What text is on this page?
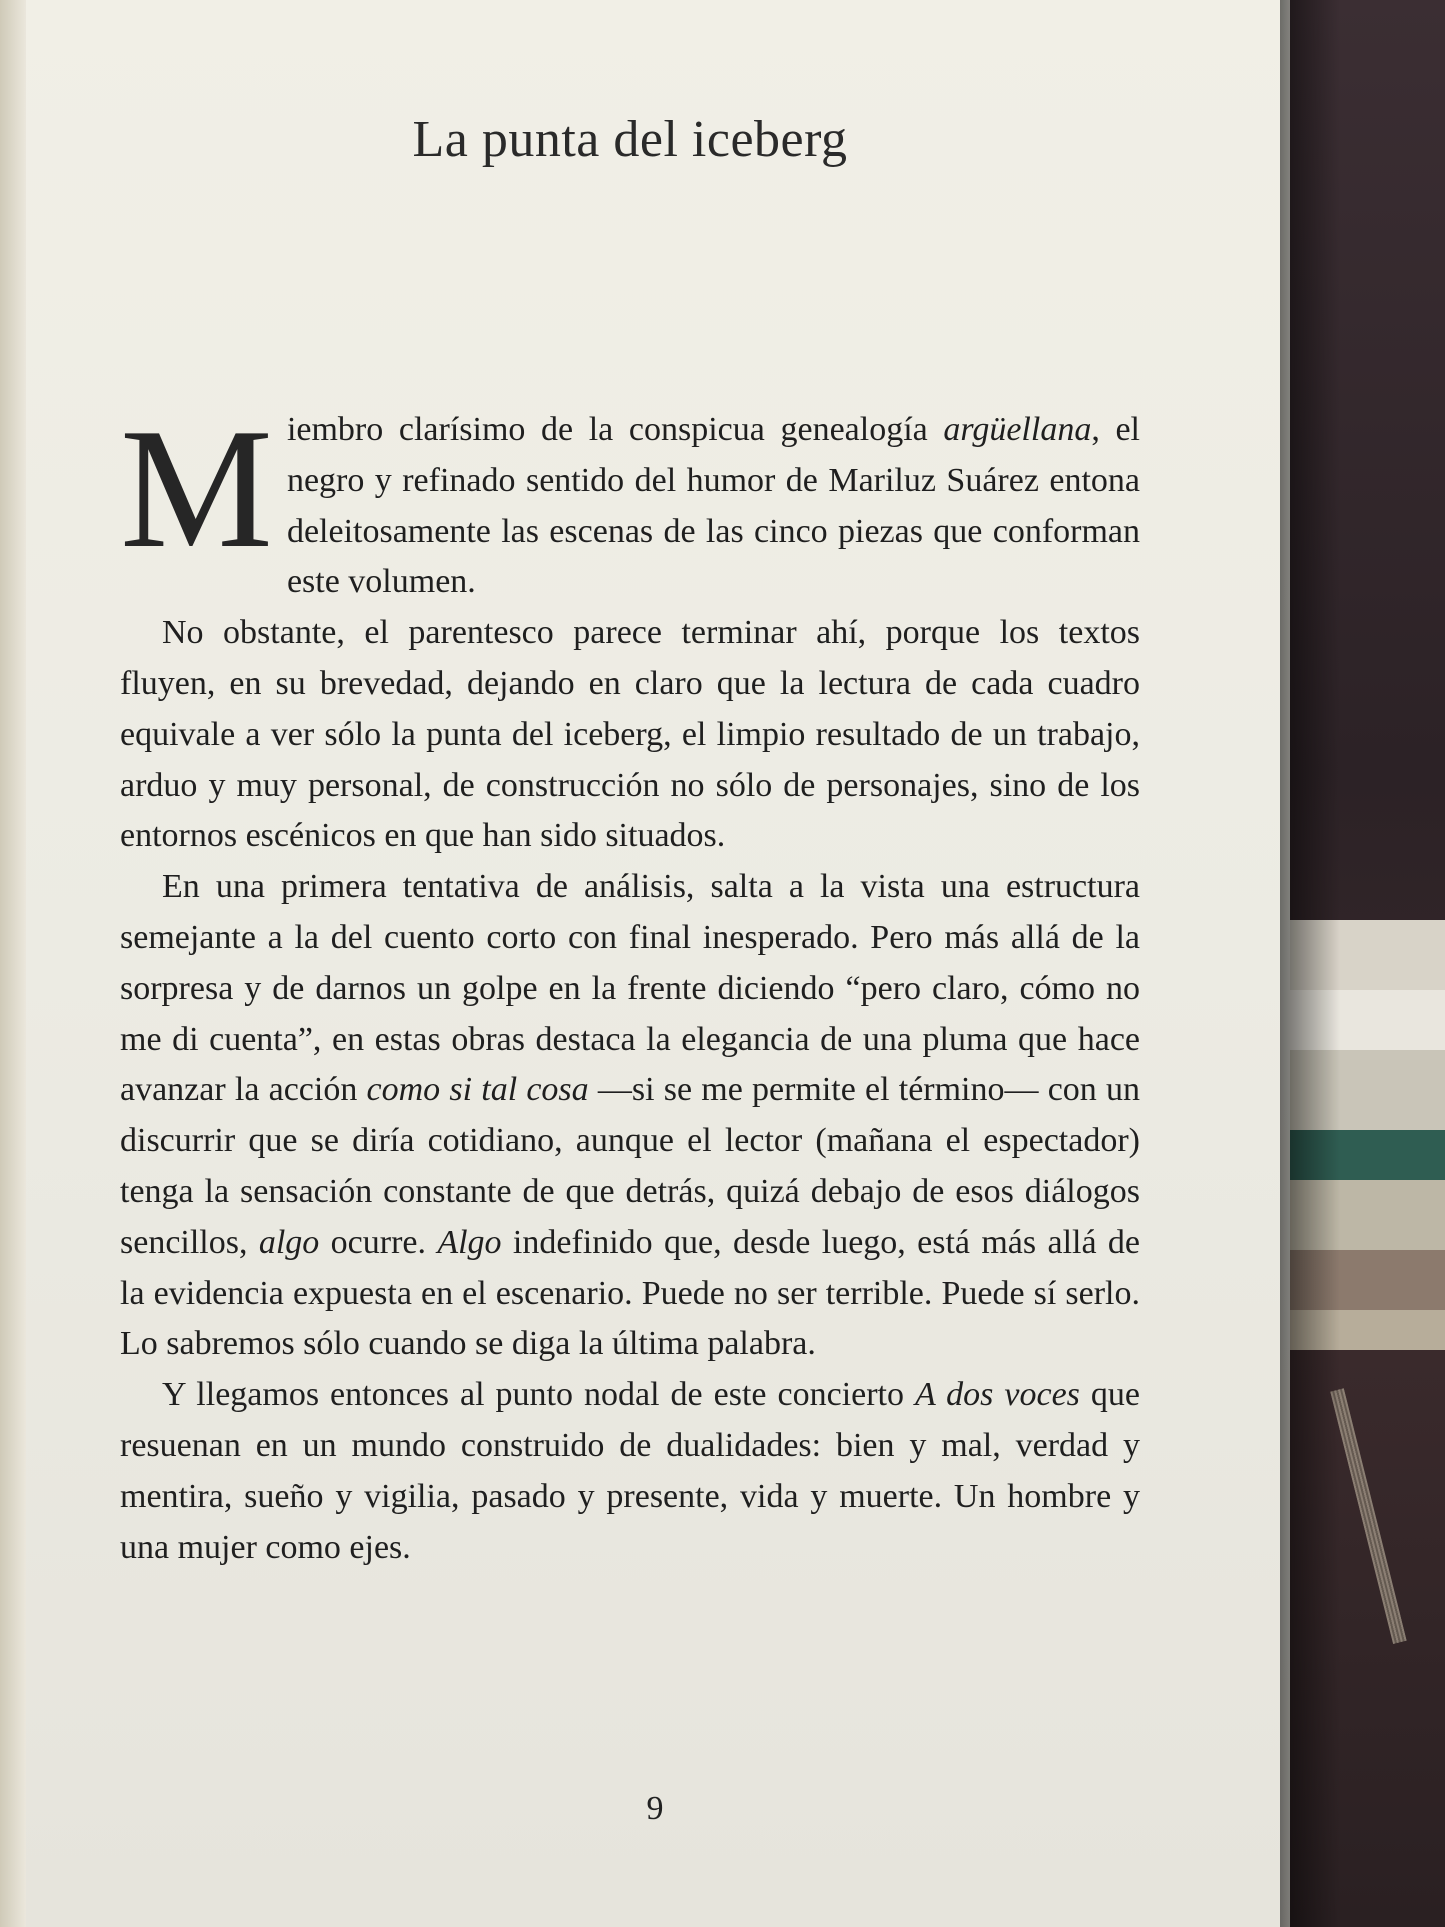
La punta del iceberg

Miembro clarísimo de la conspicua genealogía argüellana, el negro y refinado sentido del humor de Mariluz Suárez entona deleitosamente las escenas de las cinco piezas que conforman este volumen.

No obstante, el parentesco parece terminar ahí, porque los textos fluyen, en su brevedad, dejando en claro que la lectura de cada cuadro equivale a ver sólo la punta del iceberg, el limpio resultado de un trabajo, arduo y muy personal, de construcción no sólo de personajes, sino de los entornos escénicos en que han sido situados.

En una primera tentativa de análisis, salta a la vista una estructura semejante a la del cuento corto con final inesperado. Pero más allá de la sorpresa y de darnos un golpe en la frente diciendo “pero claro, cómo no me di cuenta”, en estas obras destaca la elegancia de una pluma que hace avanzar la acción como si tal cosa —si se me permite el término— con un discurrir que se diría cotidiano, aunque el lector (mañana el espectador) tenga la sensación constante de que detrás, quizá debajo de esos diálogos sencillos, algo ocurre. Algo indefinido que, desde luego, está más allá de la evidencia expuesta en el escenario. Puede no ser terrible. Puede sí serlo. Lo sabremos sólo cuando se diga la última palabra.

Y llegamos entonces al punto nodal de este concierto A dos voces que resuenan en un mundo construido de dualidades: bien y mal, verdad y mentira, sueño y vigilia, pasado y presente, vida y muerte. Un hombre y una mujer como ejes.

9
